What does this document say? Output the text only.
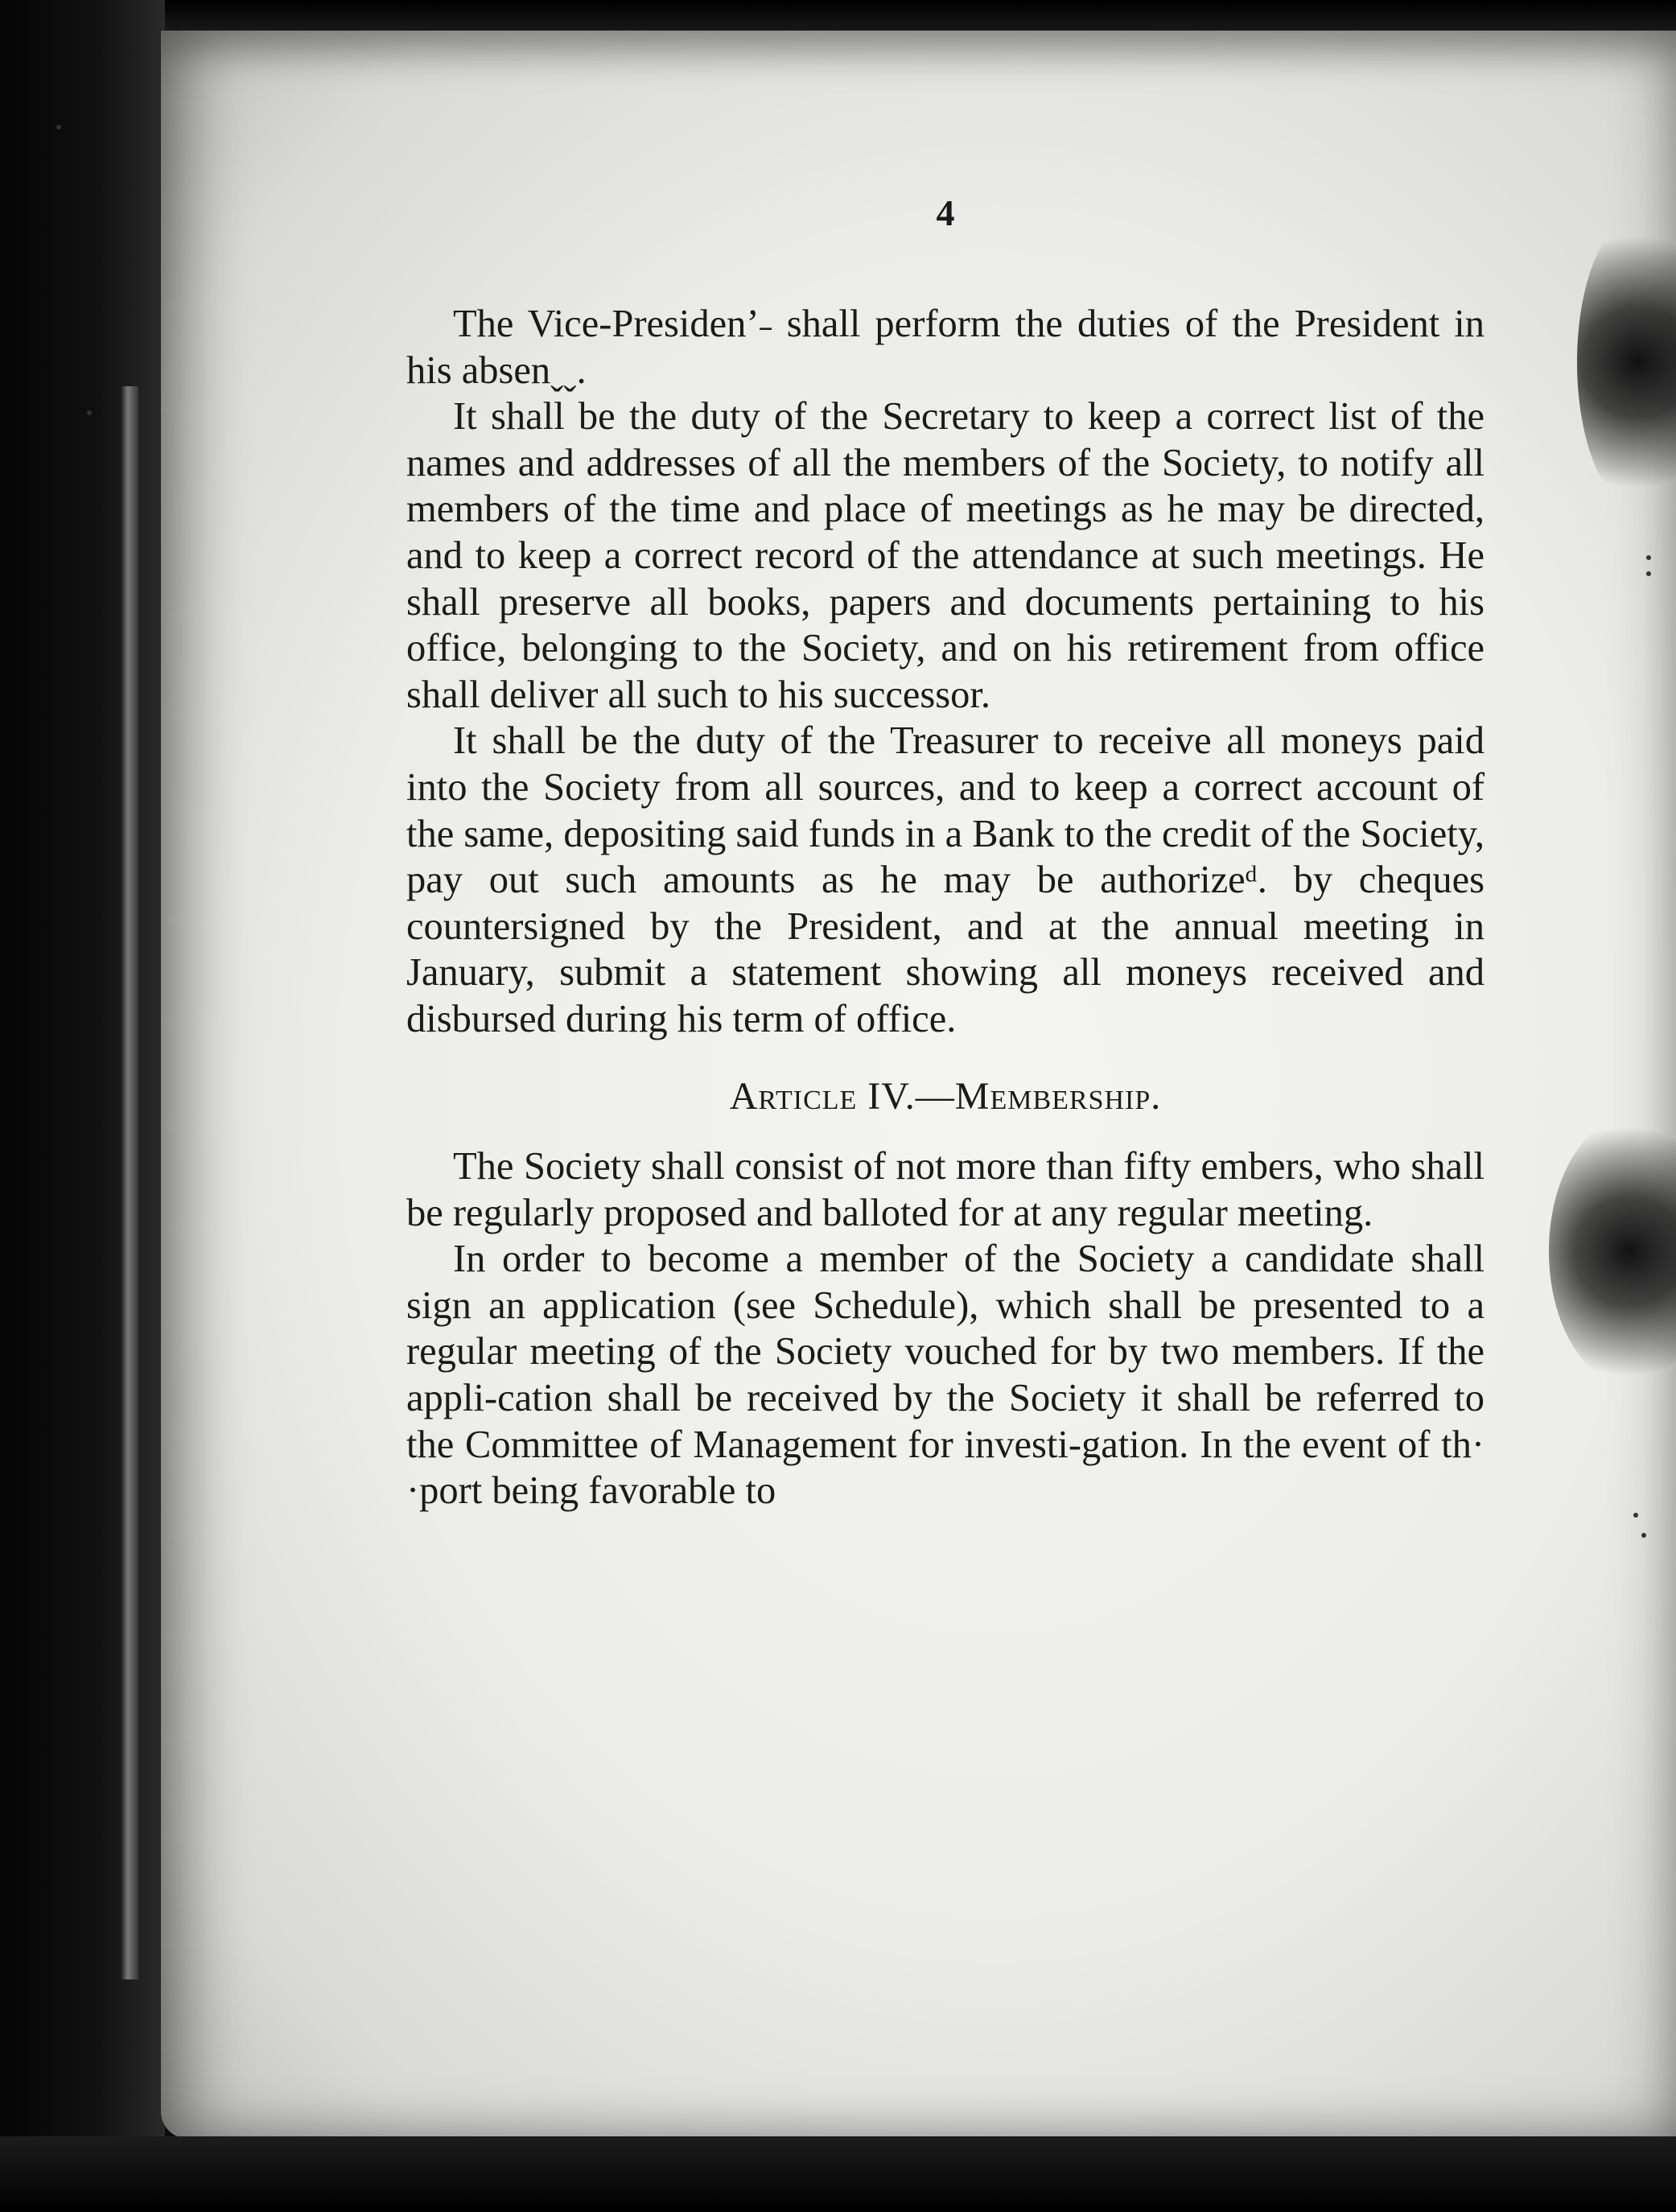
4

The Vice-Presidenʼ˗ shall perform the duties of the President in his absenˬˬ.

It shall be the duty of the Secretary to keep a correct list of the names and addresses of all the members of the Society, to notify all members of the time and place of meetings as he may be directed, and to keep a correct record of the attendance at such meetings. He shall preserve all books, papers and documents pertaining to his office, belonging to the Society, and on his retirement from office shall deliver all such to his successor.

It shall be the duty of the Treasurer to receive all moneys paid into the Society from all sources, and to keep a correct account of the same, depositing said funds in a Bank to the credit of the Society, pay out such amounts as he may be authorizeᵈ. by cheques countersigned by the President, and at the annual meeting in January, submit a statement showing all moneys received and disbursed during his term of office.

Article IV.—Membership.

The Society shall consist of not more than fifty embers, who shall be regularly proposed and balloted for at any regular meeting.

In order to become a member of the Society a candidate shall sign an application (see Schedule), which shall be presented to a regular meeting of the Society vouched for by two members. If the appli-cation shall be received by the Society it shall be referred to the Committee of Management for investi-gation. In the event of th· ·port being favorable to
